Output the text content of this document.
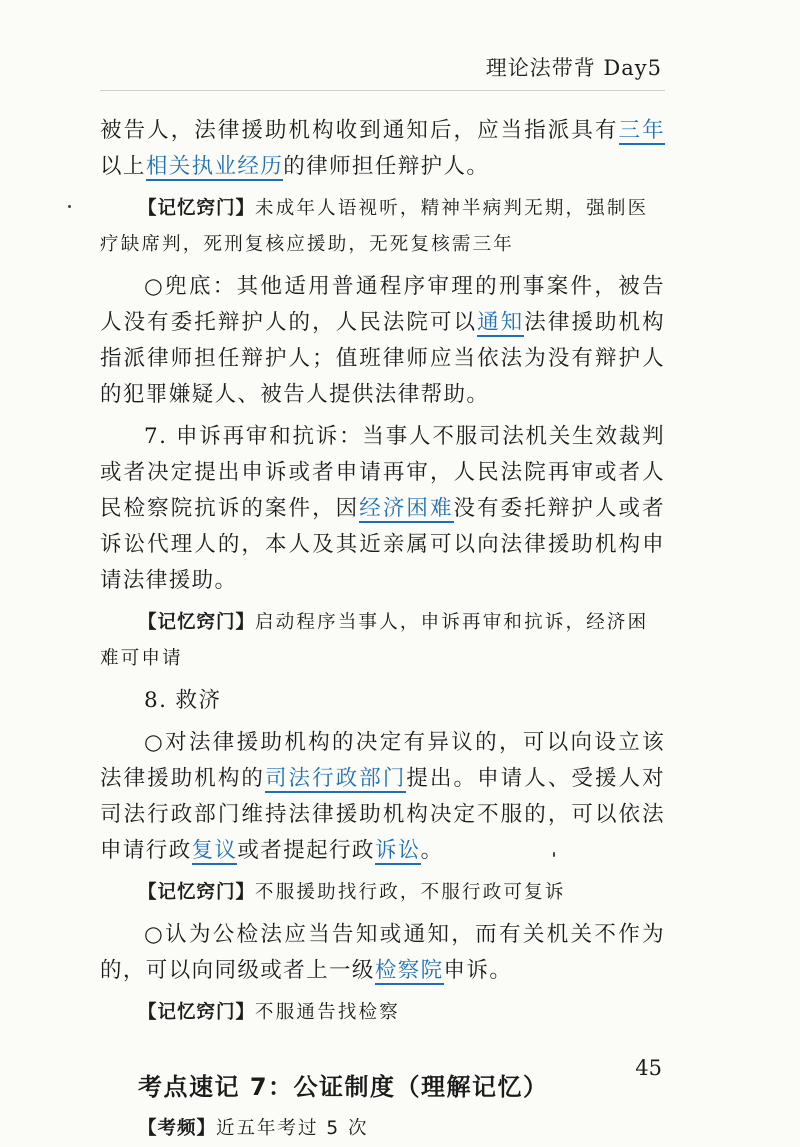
理论法带背 Day5

被告人，法律援助机构收到通知后，应当指派具有三年以上相关执业经历的律师担任辩护人。

【记忆窍门】未成年人语视听，精神半病判无期，强制医疗缺席判，死刑复核应援助，无死复核需三年

○兜底：其他适用普通程序审理的刑事案件，被告人没有委托辩护人的，人民法院可以通知法律援助机构指派律师担任辩护人；值班律师应当依法为没有辩护人的犯罪嫌疑人、被告人提供法律帮助。

7. 申诉再审和抗诉：当事人不服司法机关生效裁判或者决定提出申诉或者申请再审，人民法院再审或者人民检察院抗诉的案件，因经济困难没有委托辩护人或者诉讼代理人的，本人及其近亲属可以向法律援助机构申请法律援助。

【记忆窍门】启动程序当事人，申诉再审和抗诉，经济困难可申请

8. 救济

○对法律援助机构的决定有异议的，可以向设立该法律援助机构的司法行政部门提出。申请人、受援人对司法行政部门维持法律援助机构决定不服的，可以依法申请行政复议或者提起行政诉讼。

【记忆窍门】不服援助找行政，不服行政可复诉

○认为公检法应当告知或通知，而有关机关不作为的，可以向同级或者上一级检察院申诉。

【记忆窍门】不服通告找检察

考点速记 7：公证制度（理解记忆）
【考频】近五年考过 5 次
45
